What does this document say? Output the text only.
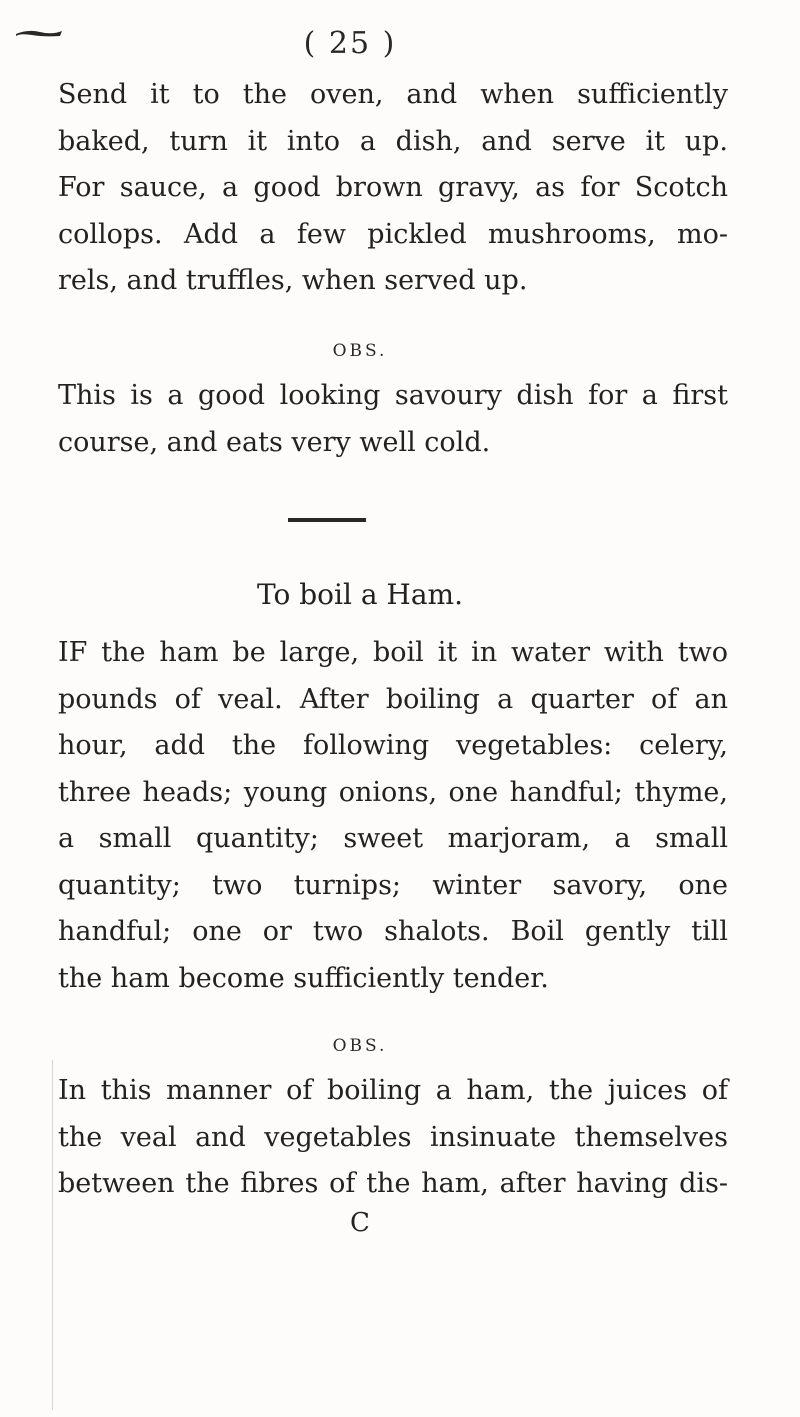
( 25 )
Send it to the oven, and when sufficiently
baked, turn it into a dish, and serve it up.
For sauce, a good brown gravy, as for Scotch
collops. Add a few pickled mushrooms, mo-
rels, and truffles, when served up.
OBS.
This is a good looking savoury dish for a first
course, and eats very well cold.
To boil a Ham.
IF the ham be large, boil it in water with two
pounds of veal. After boiling a quarter of an
hour, add the following vegetables: celery,
three heads; young onions, one handful; thyme,
a small quantity; sweet marjoram, a small
quantity; two turnips; winter savory, one
handful; one or two shalots. Boil gently till
the ham become sufficiently tender.
OBS.
In this manner of boiling a ham, the juices of
the veal and vegetables insinuate themselves
between the fibres of the ham, after having dis-
C
